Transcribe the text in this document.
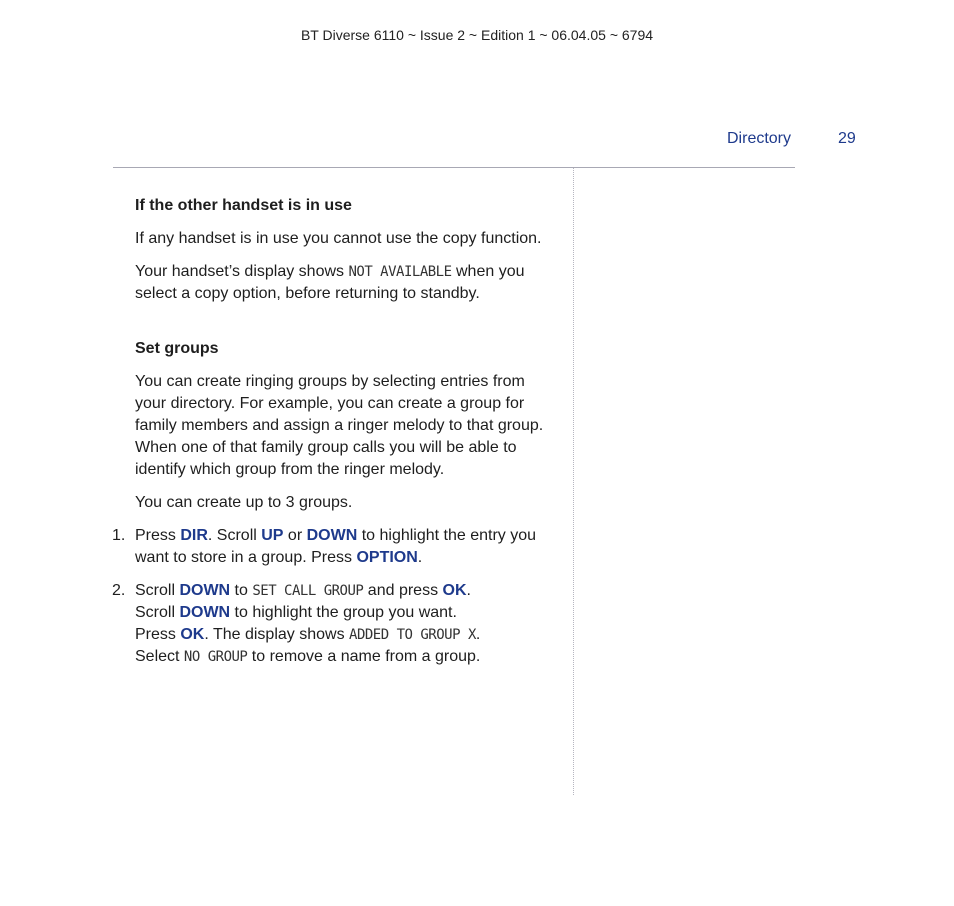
BT Diverse 6110 ~ Issue 2 ~ Edition 1 ~ 06.04.05 ~ 6794
Directory	29
If the other handset is in use

If any handset is in use you cannot use the copy function.

Your handset’s display shows NOT AVAILABLE when you select a copy option, before returning to standby.

Set groups

You can create ringing groups by selecting entries from your directory. For example, you can create a group for family members and assign a ringer melody to that group. When one of that family group calls you will be able to identify which group from the ringer melody.

You can create up to 3 groups.

1. Press DIR. Scroll UP or DOWN to highlight the entry you want to store in a group. Press OPTION.
2. Scroll DOWN to SET CALL GROUP and press OK.
Scroll DOWN to highlight the group you want.
Press OK. The display shows ADDED TO GROUP X.
Select NO GROUP to remove a name from a group.
